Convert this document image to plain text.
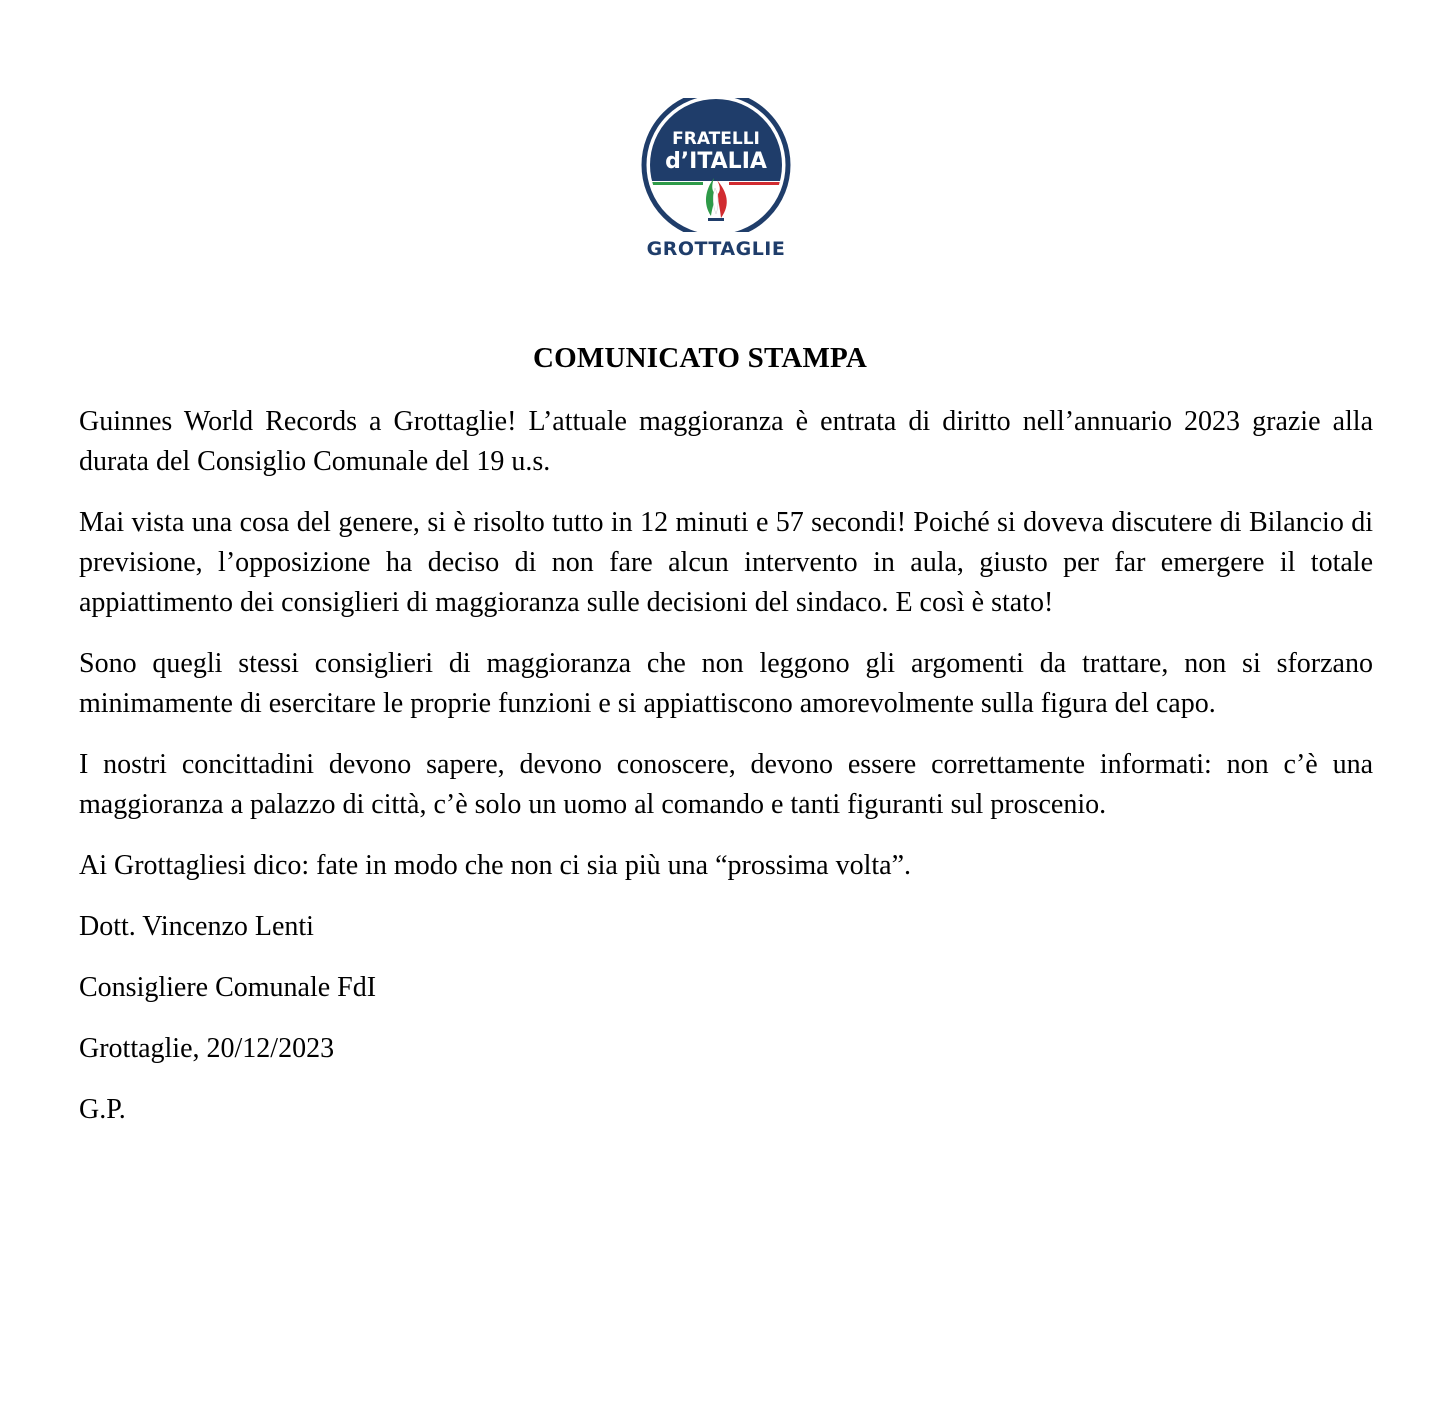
FRATELLI
d’ITALIA
GROTTAGLIE
COMUNICATO STAMPA

Guinnes World Records a Grottaglie! L’attuale maggioranza è entrata di diritto nell’annuario 2023 grazie alla durata del Consiglio Comunale del 19 u.s.

Mai vista una cosa del genere, si è risolto tutto in 12 minuti e 57 secondi! Poiché si doveva discutere di Bilancio di previsione, l’opposizione ha deciso di non fare alcun intervento in aula, giusto per far emergere il totale appiattimento dei consiglieri di maggioranza sulle decisioni del sindaco. E così è stato!

Sono quegli stessi consiglieri di maggioranza che non leggono gli argomenti da trattare, non si sforzano minimamente di esercitare le proprie funzioni e si appiattiscono amorevolmente sulla figura del capo.

I nostri concittadini devono sapere, devono conoscere, devono essere correttamente informati: non c’è una maggioranza a palazzo di città, c’è solo un uomo al comando e tanti figuranti sul proscenio.

Ai Grottagliesi dico: fate in modo che non ci sia più una “prossima volta”.

Dott. Vincenzo Lenti

Consigliere Comunale FdI

Grottaglie, 20/12/2023

G.P.
